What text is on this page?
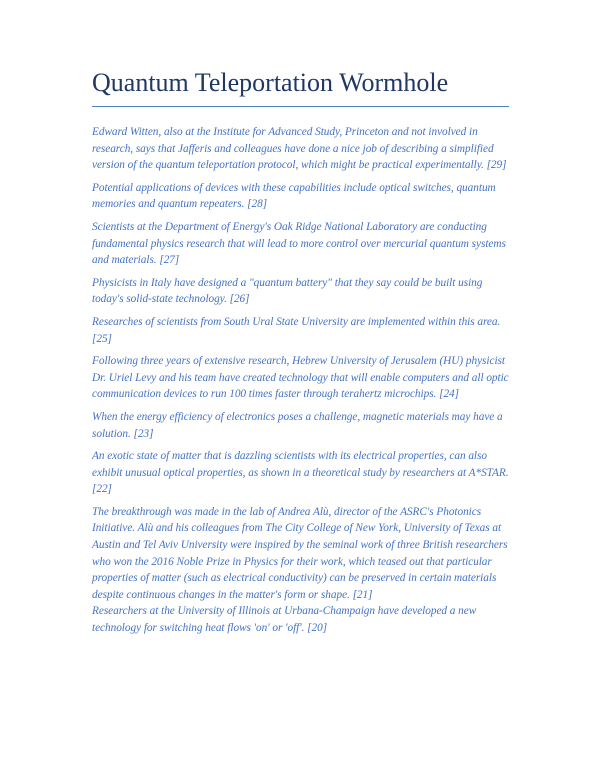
Quantum Teleportation Wormhole

Edward Witten, also at the Institute for Advanced Study, Princeton and not involved in research, says that Jafferis and colleagues have done a nice job of describing a simplified version of the quantum teleportation protocol, which might be practical experimentally. [29]

Potential applications of devices with these capabilities include optical switches, quantum memories and quantum repeaters. [28]

Scientists at the Department of Energy's Oak Ridge National Laboratory are conducting fundamental physics research that will lead to more control over mercurial quantum systems and materials. [27]

Physicists in Italy have designed a "quantum battery" that they say could be built using today's solid-state technology. [26]

Researches of scientists from South Ural State University are implemented within this area. [25]

Following three years of extensive research, Hebrew University of Jerusalem (HU) physicist Dr. Uriel Levy and his team have created technology that will enable computers and all optic communication devices to run 100 times faster through terahertz microchips. [24]

When the energy efficiency of electronics poses a challenge, magnetic materials may have a solution. [23]

An exotic state of matter that is dazzling scientists with its electrical properties, can also exhibit unusual optical properties, as shown in a theoretical study by researchers at A*STAR. [22]

The breakthrough was made in the lab of Andrea Alù, director of the ASRC's Photonics Initiative. Alù and his colleagues from The City College of New York, University of Texas at Austin and Tel Aviv University were inspired by the seminal work of three British researchers who won the 2016 Noble Prize in Physics for their work, which teased out that particular properties of matter (such as electrical conductivity) can be preserved in certain materials despite continuous changes in the matter's form or shape. [21]

Researchers at the University of Illinois at Urbana-Champaign have developed a new technology for switching heat flows 'on' or 'off'. [20]
